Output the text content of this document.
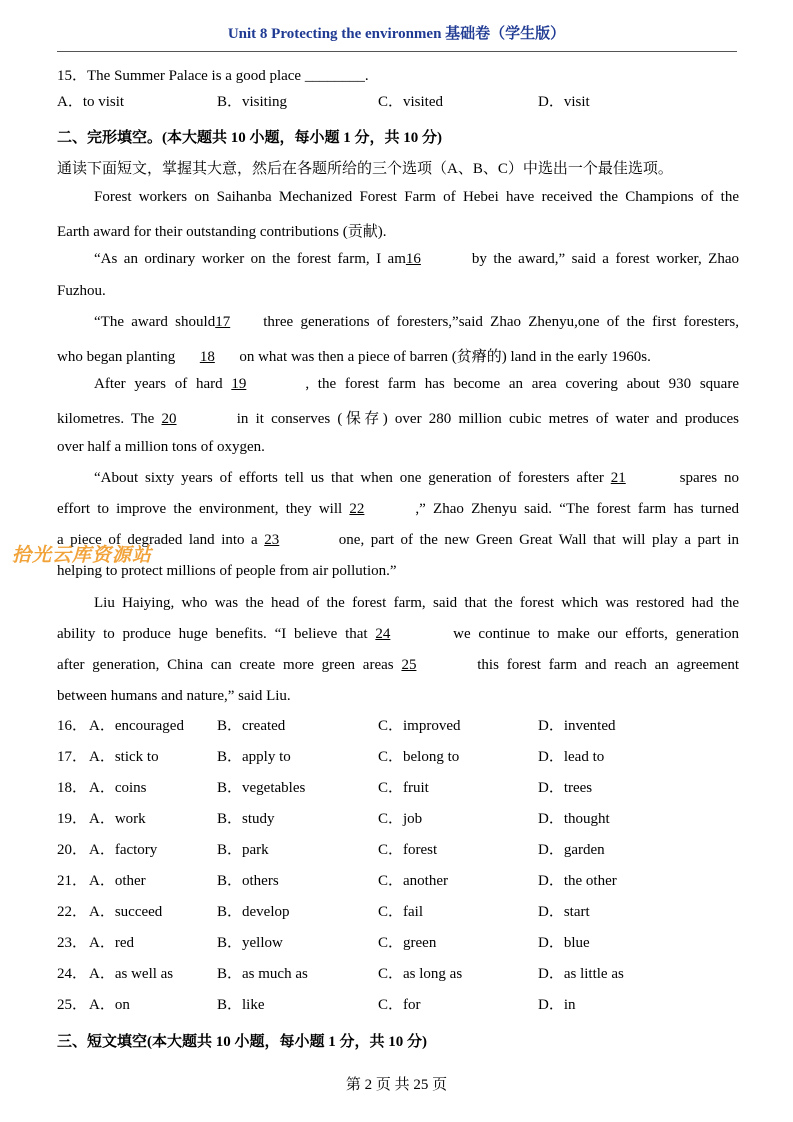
Unit 8 Protecting the environmen 基础卷（学生版）
15．The Summer Palace is a good place ________.
A．to visit	B．visiting	C．visited	D．visit
二、完形填空。(本大题共 10 小题，每小题 1 分，共 10 分)
通读下面短文，掌握其大意，然后在各题所给的三个选项（A、B、C）中选出一个最佳选项。
Forest workers on Saihanba Mechanized Forest Farm of Hebei have received the Champions of the
Earth award for their outstanding contributions (贡献).
“As an ordinary worker on the forest farm, I am16	by the award,” said a forest worker, Zhao
Fuzhou.
“The award should17 three generations of foresters,”said Zhao Zhenyu,one of the first foresters,
who began planting 18 on what was then a piece of barren (贫瘠的) land in the early 1960s.
After years of hard 19	, the forest farm has become an area covering about 930 square
kilometres. The 20	in it conserves (保存) over 280 million cubic metres of water and produces
over half a million tons of oxygen.
“About sixty years of efforts tell us that when one generation of foresters after 21	spares no
effort to improve the environment, they will 22	,” Zhao Zhenyu said. “The forest farm has turned
a piece of degraded land into a 23	one, part of the new Green Great Wall that will play a part in
helping to protect millions of people from air pollution.”
Liu Haiying, who was the head of the forest farm, said that the forest which was restored had the
ability to produce huge benefits. “I believe that 24	we continue to make our efforts, generation
after generation, China can create more green areas 25	this forest farm and reach an agreement
between humans and nature,” said Liu.
16． A．encouraged B．created	C．improved	D．invented
17． A．stick to	B．apply to	C．belong to	D．lead to
18． A．coins	B．vegetables	C．fruit	D．trees
19． A．work	B．study	C．job	D．thought
20． A．factory	B．park	C．forest	D．garden
21． A．other	B．others	C．another	D．the other
22． A．succeed	B．develop	C．fail	D．start
23． A．red	B．yellow	C．green	D．blue
24． A．as well as	B．as much as	C．as long as	D．as little as
25． A．on	B．like	C．for	D．in
三、短文填空(本大题共 10 小题，每小题 1 分，共 10 分)
拾光云库资源站
第 2 页 共 25 页
